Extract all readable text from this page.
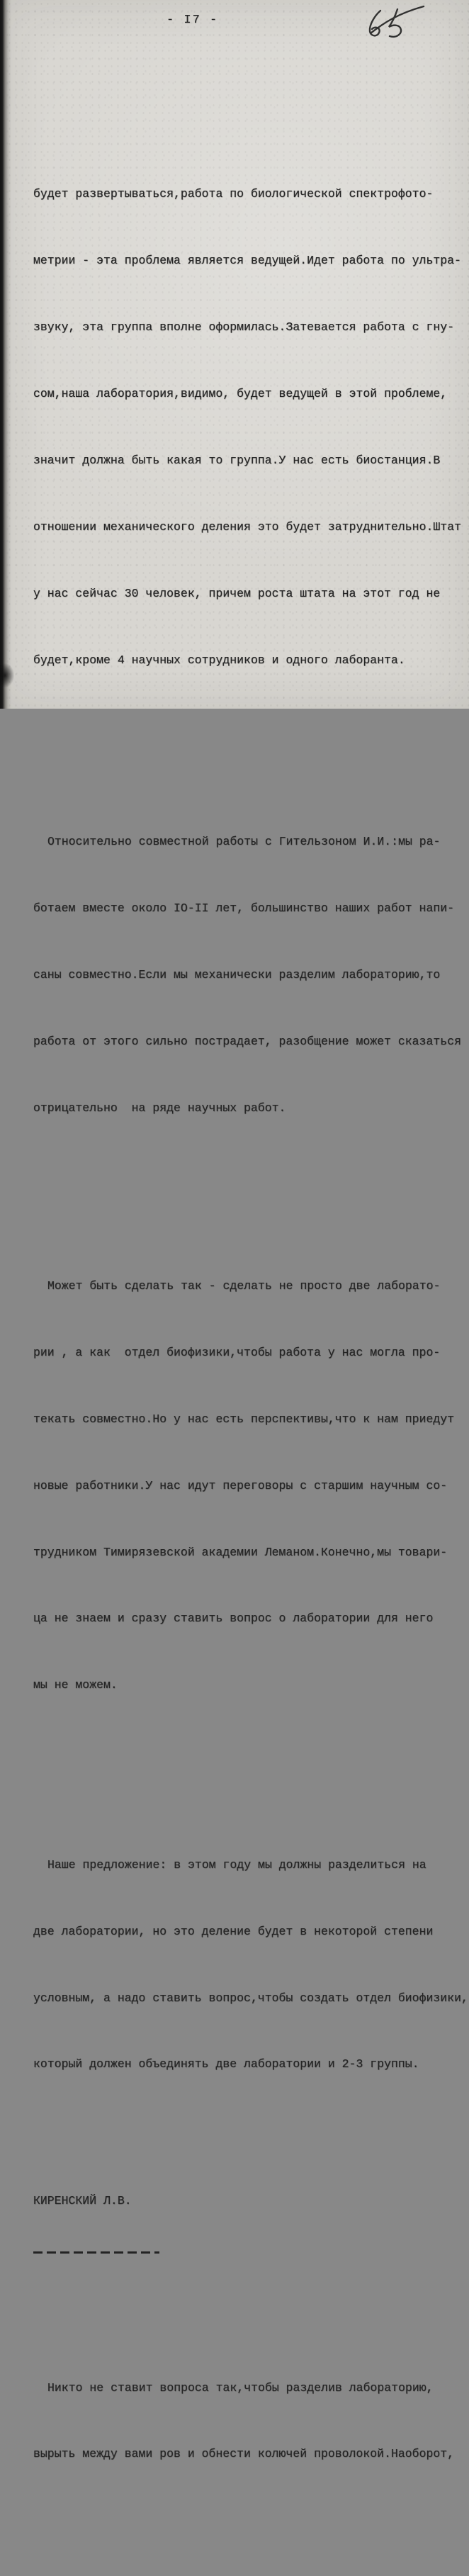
- I7 -

будет развертываться,работа по биологической спектрофото-

метрии - эта проблема является ведущей.Идет работа по ультра-

звуку, эта группа вполне оформилась.Затевается работа с гну-

сом,наша лаборатория,видимо, будет ведущей в этой проблеме,

значит должна быть какая то группа.У нас есть биостанция.В

отношении механического деления это будет затруднительно.Штат

у нас сейчас 30 человек, причем роста штата на этот год не

будет,кроме 4 научных сотрудников и одного лаборанта.

Относительно совместной работы с Гительзоном И.И.:мы ра-

ботаем вместе около IO-II лет, большинство наших работ напи-

саны совместно.Если мы механически разделим лабораторию,то

работа от этого сильно пострадает, разобщение может сказаться

отрицательно  на ряде научных работ.

Может быть сделать так - сделать не просто две лаборато-

рии , а как  отдел биофизики,чтобы работа у нас могла про-

текать совместно.Но у нас есть перспективы,что к нам приедут

новые работники.У нас идут переговоры с старшим научным со-

трудником Тимирязевской академии Леманом.Конечно,мы товари-

ца не знаем и сразу ставить вопрос о лаборатории для него

мы не можем.

Наше предложение: в этом году мы должны разделиться на

две лаборатории, но это деление будет в некоторой степени

условным, а надо ставить вопрос,чтобы создать отдел биофизики,

который должен объединять две лаборатории и 2-3 группы.

КИРЕНСКИЙ Л.В.

Никто не ставит вопроса так,чтобы разделив лабораторию,

вырыть между вами ров и обнести колючей проволокой.Наоборот,
